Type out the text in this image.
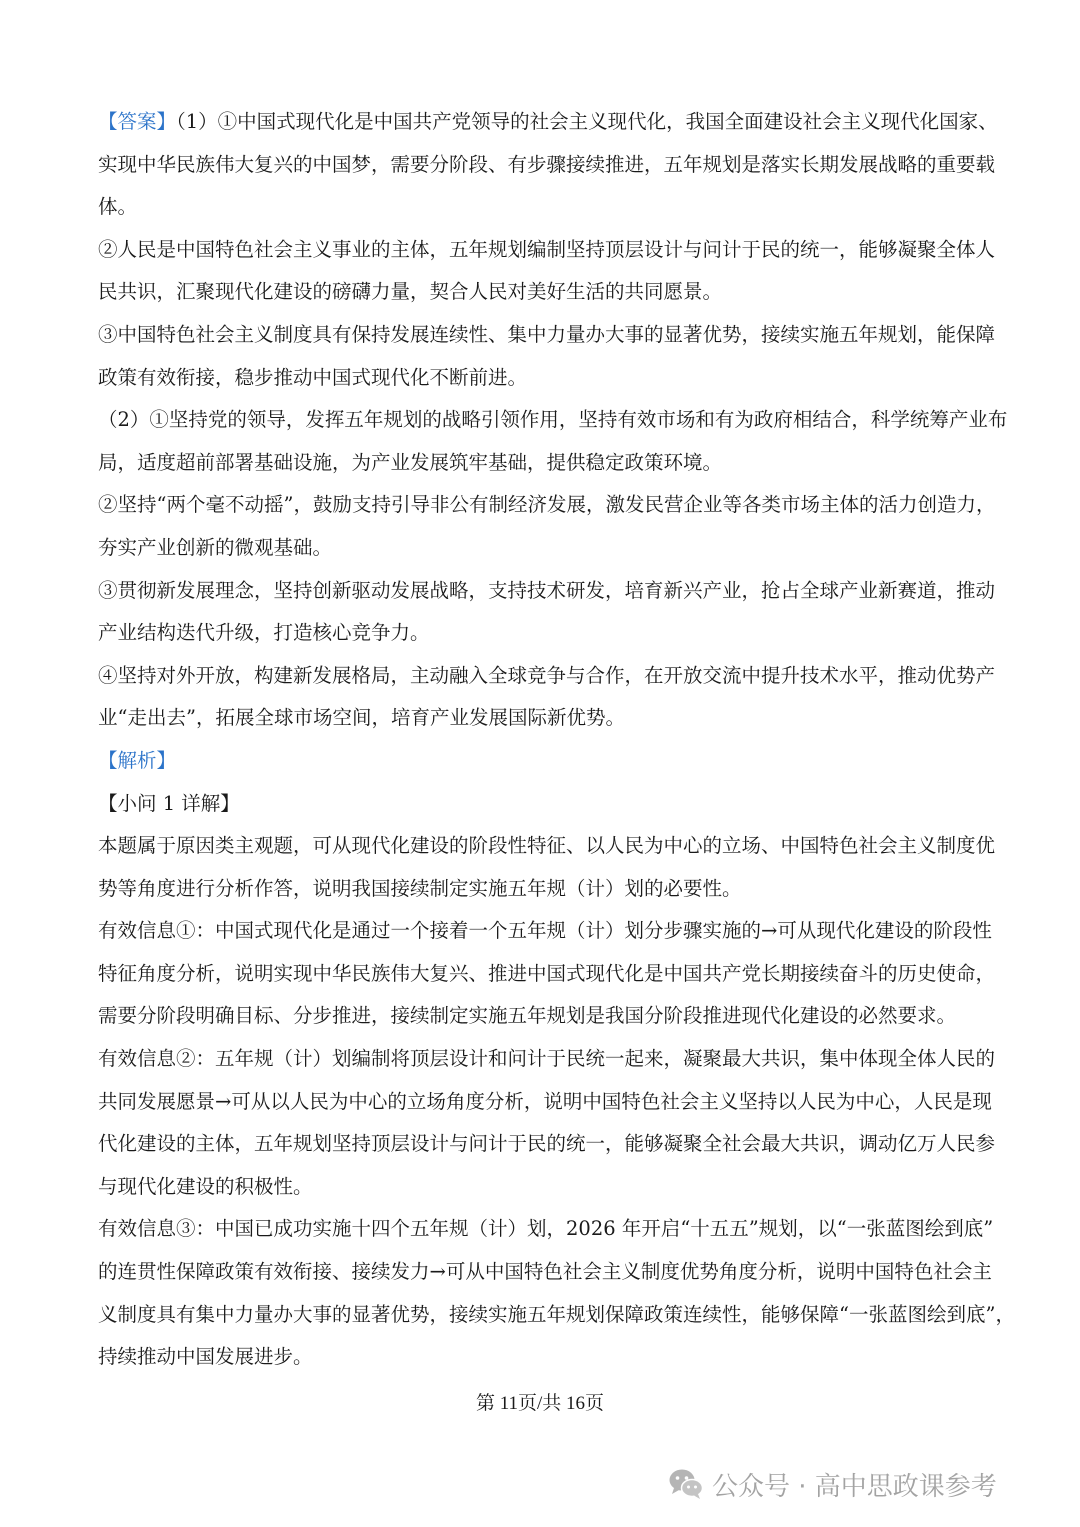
【答案】（1）①中国式现代化是中国共产党领导的社会主义现代化，我国全面建设社会主义现代化国家、
实现中华民族伟大复兴的中国梦，需要分阶段、有步骤接续推进，五年规划是落实长期发展战略的重要载
体。
②人民是中国特色社会主义事业的主体，五年规划编制坚持顶层设计与问计于民的统一，能够凝聚全体人
民共识，汇聚现代化建设的磅礴力量，契合人民对美好生活的共同愿景。
③中国特色社会主义制度具有保持发展连续性、集中力量办大事的显著优势，接续实施五年规划，能保障
政策有效衔接，稳步推动中国式现代化不断前进。
（2）①坚持党的领导，发挥五年规划的战略引领作用，坚持有效市场和有为政府相结合，科学统筹产业布
局，适度超前部署基础设施，为产业发展筑牢基础，提供稳定政策环境。
②坚持“两个毫不动摇”，鼓励支持引导非公有制经济发展，激发民营企业等各类市场主体的活力创造力，
夯实产业创新的微观基础。
③贯彻新发展理念，坚持创新驱动发展战略，支持技术研发，培育新兴产业，抢占全球产业新赛道，推动
产业结构迭代升级，打造核心竞争力。
④坚持对外开放，构建新发展格局，主动融入全球竞争与合作，在开放交流中提升技术水平，推动优势产
业“走出去”，拓展全球市场空间，培育产业发展国际新优势。
【解析】
【小问 1 详解】
本题属于原因类主观题，可从现代化建设的阶段性特征、以人民为中心的立场、中国特色社会主义制度优
势等角度进行分析作答，说明我国接续制定实施五年规（计）划的必要性。
有效信息①：中国式现代化是通过一个接着一个五年规（计）划分步骤实施的→可从现代化建设的阶段性
特征角度分析，说明实现中华民族伟大复兴、推进中国式现代化是中国共产党长期接续奋斗的历史使命，
需要分阶段明确目标、分步推进，接续制定实施五年规划是我国分阶段推进现代化建设的必然要求。
有效信息②：五年规（计）划编制将顶层设计和问计于民统一起来，凝聚最大共识，集中体现全体人民的
共同发展愿景→可从以人民为中心的立场角度分析，说明中国特色社会主义坚持以人民为中心，人民是现
代化建设的主体，五年规划坚持顶层设计与问计于民的统一，能够凝聚全社会最大共识，调动亿万人民参
与现代化建设的积极性。
有效信息③：中国已成功实施十四个五年规（计）划，2026 年开启“十五五”规划，以“一张蓝图绘到底”
的连贯性保障政策有效衔接、接续发力→可从中国特色社会主义制度优势角度分析，说明中国特色社会主
义制度具有集中力量办大事的显著优势，接续实施五年规划保障政策连续性，能够保障“一张蓝图绘到底”，
持续推动中国发展进步。
第 11页/共 16页
公众号 · 高中思政课参考
